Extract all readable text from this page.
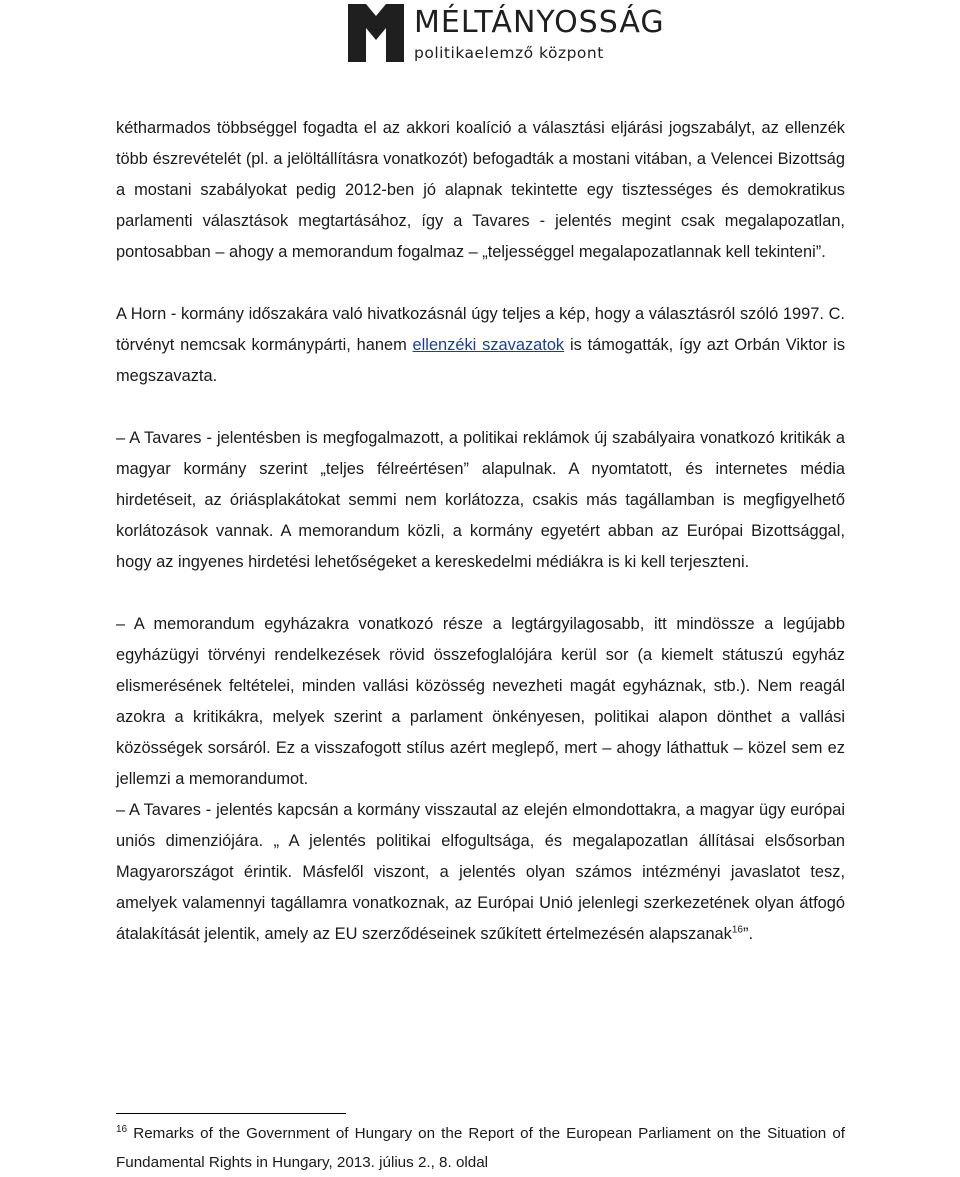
MÉLTÁNYOSSÁG
politikaelemző központ

kétharmados többséggel fogadta el az akkori koalíció a választási eljárási jogszabályt, az ellenzék több észrevételét (pl. a jelöltállításra vonatkozót) befogadták a mostani vitában, a Velencei Bizottság a mostani szabályokat pedig 2012-ben jó alapnak tekintette egy tisztességes és demokratikus parlamenti választások megtartásához, így a Tavares - jelentés megint csak megalapozatlan, pontosabban – ahogy a memorandum fogalmaz – „teljességgel megalapozatlannak kell tekinteni”.

A Horn - kormány időszakára való hivatkozásnál úgy teljes a kép, hogy a választásról szóló 1997. C. törvényt nemcsak kormánypárti, hanem ellenzéki szavazatok is támogatták, így azt Orbán Viktor is megszavazta.

– A Tavares - jelentésben is megfogalmazott, a politikai reklámok új szabályaira vonatkozó kritikák a magyar kormány szerint „teljes félreértésen” alapulnak. A nyomtatott, és internetes média hirdetéseit, az óriásplakátokat semmi nem korlátozza, csakis más tagállamban is megfigyelhető korlátozások vannak. A memorandum közli, a kormány egyetért abban az Európai Bizottsággal, hogy az ingyenes hirdetési lehetőségeket a kereskedelmi médiákra is ki kell terjeszteni.

– A memorandum egyházakra vonatkozó része a legtárgyilagosabb, itt mindössze a legújabb egyházügyi törvényi rendelkezések rövid összefoglalójára kerül sor (a kiemelt státuszú egyház elismerésének feltételei, minden vallási közösség nevezheti magát egyháznak, stb.). Nem reagál azokra a kritikákra, melyek szerint a parlament önkényesen, politikai alapon dönthet a vallási közösségek sorsáról. Ez a visszafogott stílus azért meglepő, mert – ahogy láthattuk – közel sem ez jellemzi a memorandumot.

– A Tavares - jelentés kapcsán a kormány visszautal az elején elmondottakra, a magyar ügy európai uniós dimenziójára. „ A jelentés politikai elfogultsága, és megalapozatlan állításai elsősorban Magyarországot érintik. Másfelől viszont, a jelentés olyan számos intézményi javaslatot tesz, amelyek valamennyi tagállamra vonatkoznak, az Európai Unió jelenlegi szerkezetének olyan átfogó átalakítását jelentik, amely az EU szerződéseinek szűkített értelmezésén alapszanak$^{16}$”.

$^{16}$ Remarks of the Government of Hungary on the Report of the European Parliament on the Situation of Fundamental Rights in Hungary, 2013. július 2., 8. oldal
